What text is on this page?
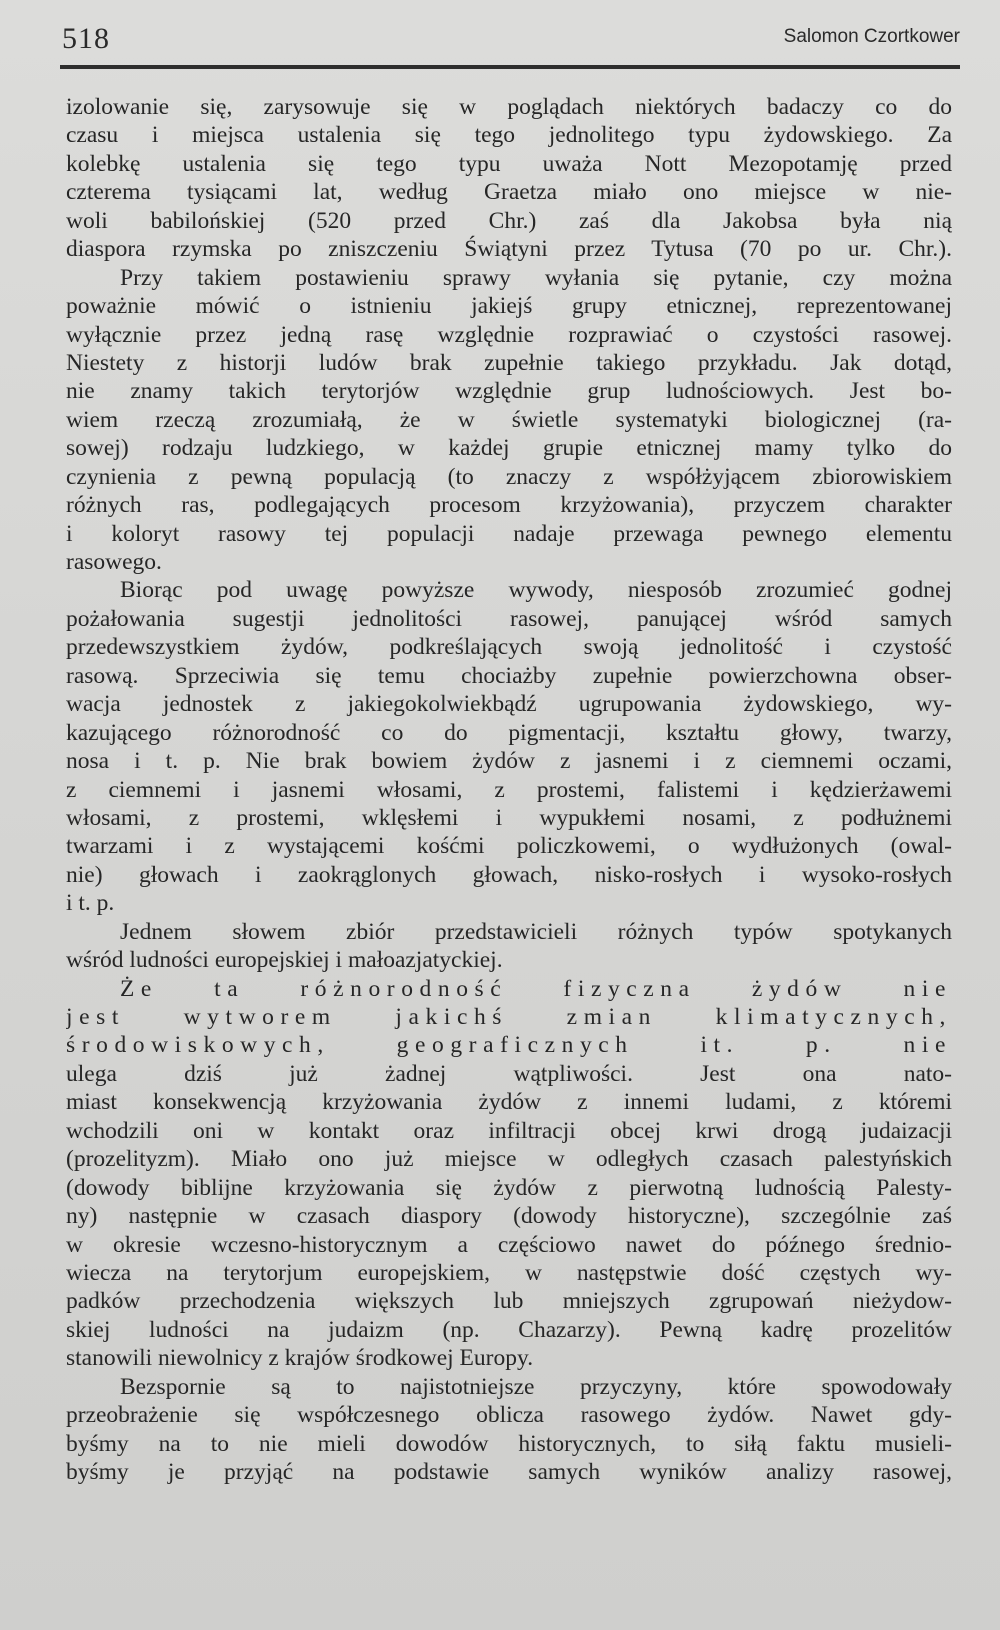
518	Salomon Czortkower
izolowanie się, zarysowuje się w poglądach niektórych badaczy co do
czasu i miejsca ustalenia się tego jednolitego typu żydowskiego. Za
kolebkę ustalenia się tego typu uważa Nott Mezopotamję przed
czterema tysiącami lat, według Graetza miało ono miejsce w nie-
woli babilońskiej (520 przed Chr.) zaś dla Jakobsa była nią
diaspora rzymska po zniszczeniu Świątyni przez Tytusa (70 po ur. Chr.).
Przy takiem postawieniu sprawy wyłania się pytanie, czy można
poważnie mówić o istnieniu jakiejś grupy etnicznej, reprezentowanej
wyłącznie przez jedną rasę względnie rozprawiać o czystości rasowej.
Niestety z historji ludów brak zupełnie takiego przykładu. Jak dotąd,
nie znamy takich terytorjów względnie grup ludnościowych. Jest bo-
wiem rzeczą zrozumiałą, że w świetle systematyki biologicznej (ra-
sowej) rodzaju ludzkiego, w każdej grupie etnicznej mamy tylko do
czynienia z pewną populacją (to znaczy z współżyjącem zbiorowiskiem
różnych ras, podlegających procesom krzyżowania), przyczem charakter
i koloryt rasowy tej populacji nadaje przewaga pewnego elementu
rasowego.
Biorąc pod uwagę powyższe wywody, niesposób zrozumieć godnej
pożałowania sugestji jednolitości rasowej, panującej wśród samych
przedewszystkiem żydów, podkreślających swoją jednolitość i czystość
rasową. Sprzeciwia się temu chociażby zupełnie powierzchowna obser-
wacja jednostek z jakiegokolwiekbądź ugrupowania żydowskiego, wy-
kazującego różnorodność co do pigmentacji, kształtu głowy, twarzy,
nosa i t. p. Nie brak bowiem żydów z jasnemi i z ciemnemi oczami,
z ciemnemi i jasnemi włosami, z prostemi, falistemi i kędzierżawemi
włosami, z prostemi, wklęsłemi i wypukłemi nosami, z podłużnemi
twarzami i z wystającemi kośćmi policzkowemi, o wydłużonych (owal-
nie) głowach i zaokrąglonych głowach, nisko-rosłych i wysoko-rosłych
i t. p.
Jednem słowem zbiór przedstawicieli różnych typów spotykanych
wśród ludności europejskiej i małoazjatyckiej.
Że ta różnorodność fizyczna żydów nie
jest wytworem jakichś zmian klimatycznych,
środowiskowych, geograficznych it. p. nie
ulega dziś już żadnej wątpliwości. Jest ona nato-
miast konsekwencją krzyżowania żydów z innemi ludami, z któremi
wchodzili oni w kontakt oraz infiltracji obcej krwi drogą judaizacji
(prozelityzm). Miało ono już miejsce w odległych czasach palestyńskich
(dowody biblijne krzyżowania się żydów z pierwotną ludnością Palesty-
ny) następnie w czasach diaspory (dowody historyczne), szczególnie zaś
w okresie wczesno-historycznym a częściowo nawet do późnego średnio-
wiecza na terytorjum europejskiem, w następstwie dość częstych wy-
padków przechodzenia większych lub mniejszych zgrupowań nieżydow-
skiej ludności na judaizm (np. Chazarzy). Pewną kadrę prozelitów
stanowili niewolnicy z krajów środkowej Europy.
Bezspornie są to najistotniejsze przyczyny, które spowodowały
przeobrażenie się współczesnego oblicza rasowego żydów. Nawet gdy-
byśmy na to nie mieli dowodów historycznych, to siłą faktu musieli-
byśmy je przyjąć na podstawie samych wyników analizy rasowej,
